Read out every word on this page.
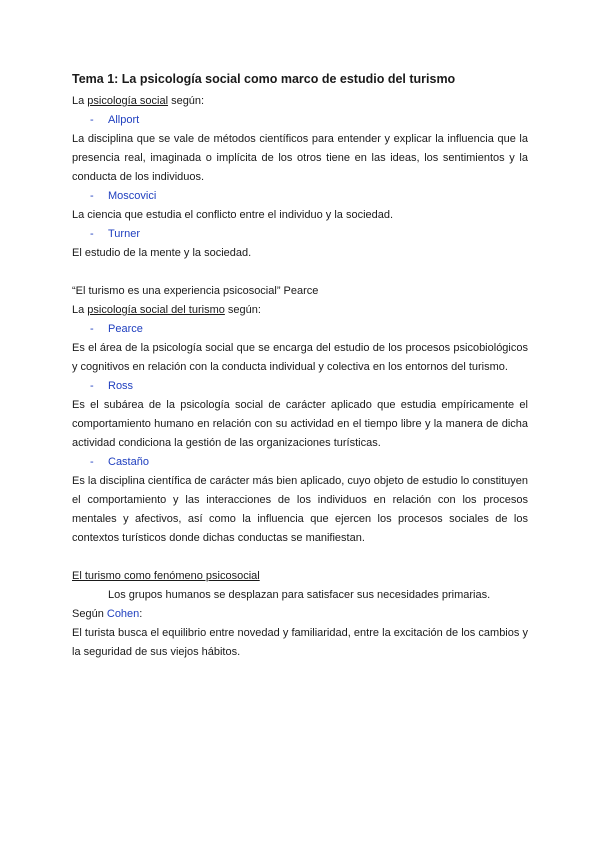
Tema 1: La psicología social como marco de estudio del turismo

La psicología social según:

-	Allport

La disciplina que se vale de métodos científicos para entender y explicar la influencia que la presencia real, imaginada o implícita de los otros tiene en las ideas, los sentimientos y la conducta de los individuos.

-	Moscovici

La ciencia que estudia el conflicto entre el individuo y la sociedad.

-	Turner

El estudio de la mente y la sociedad.

“El turismo es una experiencia psicosocial” Pearce

La psicología social del turismo según:

-	Pearce

Es el área de la psicología social que se encarga del estudio de los procesos psicobiológicos y cognitivos en relación con la conducta individual y colectiva en los entornos del turismo.

-	Ross

Es el subárea de la psicología social de carácter aplicado que estudia empíricamente el comportamiento humano en relación con su actividad en el tiempo libre y la manera de dicha actividad condiciona la gestión de las organizaciones turísticas.

-	Castaño

Es la disciplina científica de carácter más bien aplicado, cuyo objeto de estudio lo constituyen el comportamiento y las interacciones de los individuos en relación con los procesos mentales y afectivos, así como la influencia que ejercen los procesos sociales de los contextos turísticos donde dichas conductas se manifiestan.

El turismo como fenómeno psicosocial

Los grupos humanos se desplazan para satisfacer sus necesidades primarias.

Según Cohen:

El turista busca el equilibrio entre novedad y familiaridad, entre la excitación de los cambios y la seguridad de sus viejos hábitos.
